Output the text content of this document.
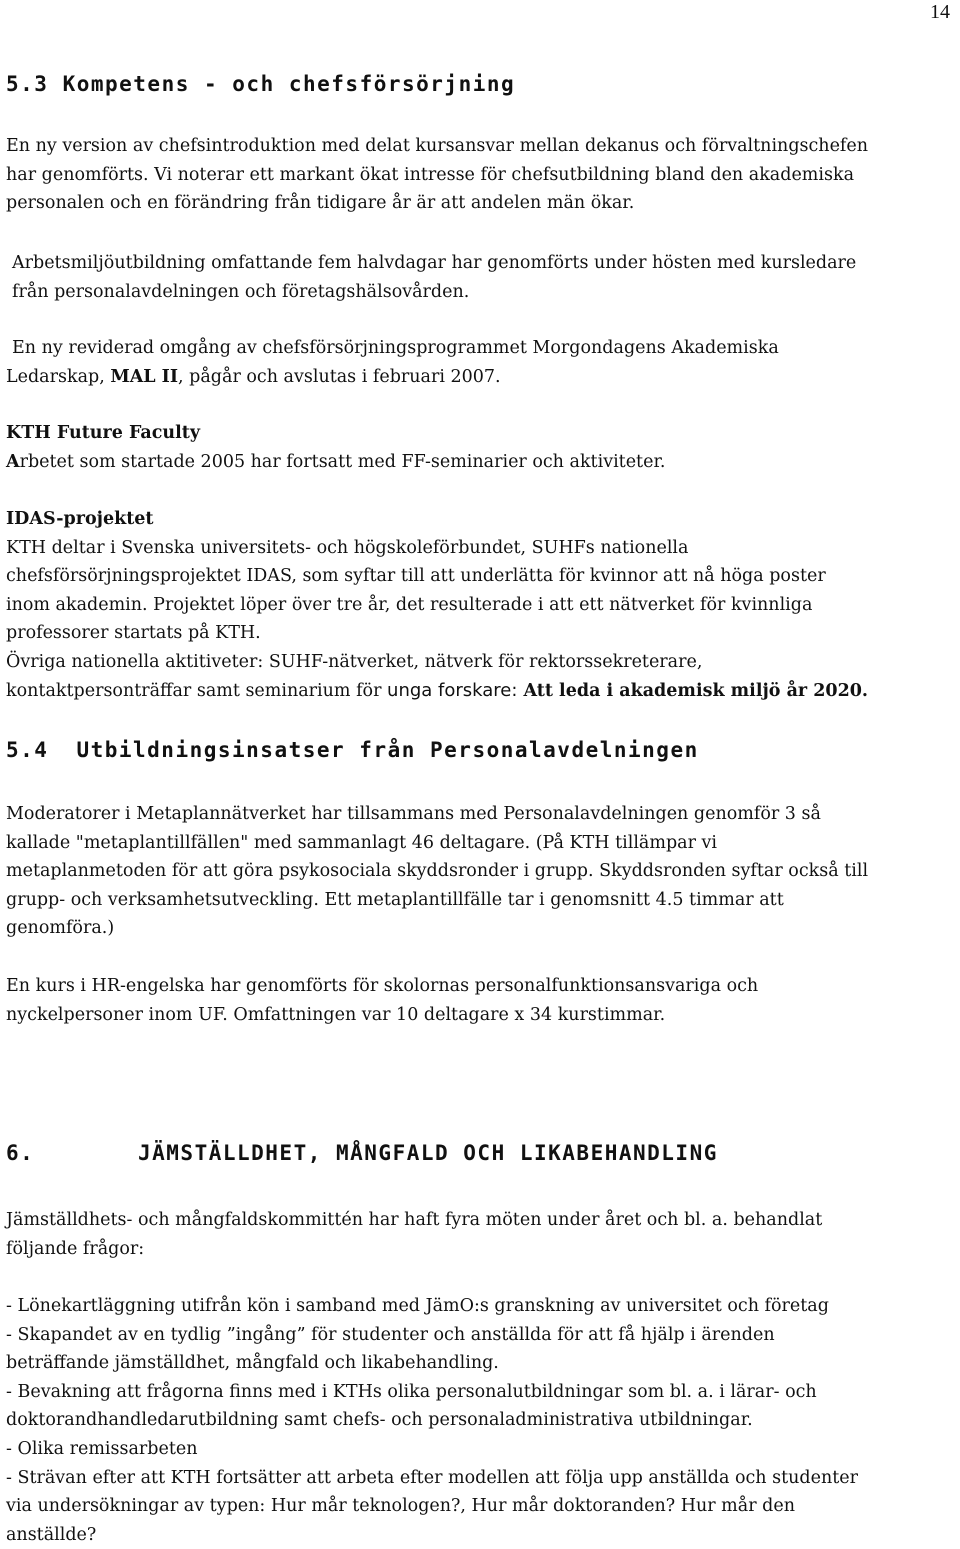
14
5.3 Kompetens - och chefsförsörjning
En ny version av chefsintroduktion med delat kursansvar mellan dekanus och förvaltningschefen
har genomförts. Vi noterar ett markant ökat intresse för chefsutbildning bland den akademiska
personalen och en förändring från tidigare år är att andelen män ökar.
Arbetsmiljöutbildning omfattande fem halvdagar har genomförts under hösten med kursledare
från personalavdelningen och företagshälsovården.
En ny reviderad omgång av chefsförsörjningsprogrammet Morgondagens Akademiska
Ledarskap, MAL II, pågår och avslutas i februari 2007.
KTH Future Faculty
Arbetet som startade 2005 har fortsatt med FF-seminarier och aktiviteter.
IDAS-projektet
KTH deltar i Svenska universitets- och högskoleförbundet, SUHFs nationella
chefsförsörjningsprojektet IDAS, som syftar till att underlätta för kvinnor att nå höga poster
inom akademin. Projektet löper över tre år, det resulterade i att ett nätverket för kvinnliga
professorer startats på KTH.
Övriga nationella aktitiveter: SUHF-nätverket, nätverk för rektorssekreterare,
kontaktpersonträffar samt seminarium för unga forskare: Att leda i akademisk miljö år 2020.
5.4 Utbildningsinsatser från Personalavdelningen
Moderatorer i Metaplannätverket har tillsammans med Personalavdelningen genomför 3 så
kallade "metaplantillfällen" med sammanlagt 46 deltagare. (På KTH tillämpar vi
metaplanmetoden för att göra psykosociala skyddsronder i grupp. Skyddsronden syftar också till
grupp- och verksamhetsutveckling. Ett metaplantillfälle tar i genomsnitt 4.5 timmar att
genomföra.)
En kurs i HR-engelska har genomförts för skolornas personalfunktionsansvariga och
nyckelpersoner inom UF. Omfattningen var 10 deltagare x 34 kurstimmar.
6.	JÄMSTÄLLDHET, MÅNGFALD OCH LIKABEHANDLING
Jämställdhets- och mångfaldskommittén har haft fyra möten under året och bl. a. behandlat
följande frågor:
- Lönekartläggning utifrån kön i samband med JämO:s granskning av universitet och företag
- Skapandet av en tydlig ”ingång” för studenter och anställda för att få hjälp i ärenden
beträffande jämställdhet, mångfald och likabehandling.
- Bevakning att frågorna finns med i KTHs olika personalutbildningar som bl. a. i lärar- och
doktorandhandledarutbildning samt chefs- och personaladministrativa utbildningar.
- Olika remissarbeten
- Strävan efter att KTH fortsätter att arbeta efter modellen att följa upp anställda och studenter
via undersökningar av typen: Hur mår teknologen?, Hur mår doktoranden? Hur mår den
anställde?
